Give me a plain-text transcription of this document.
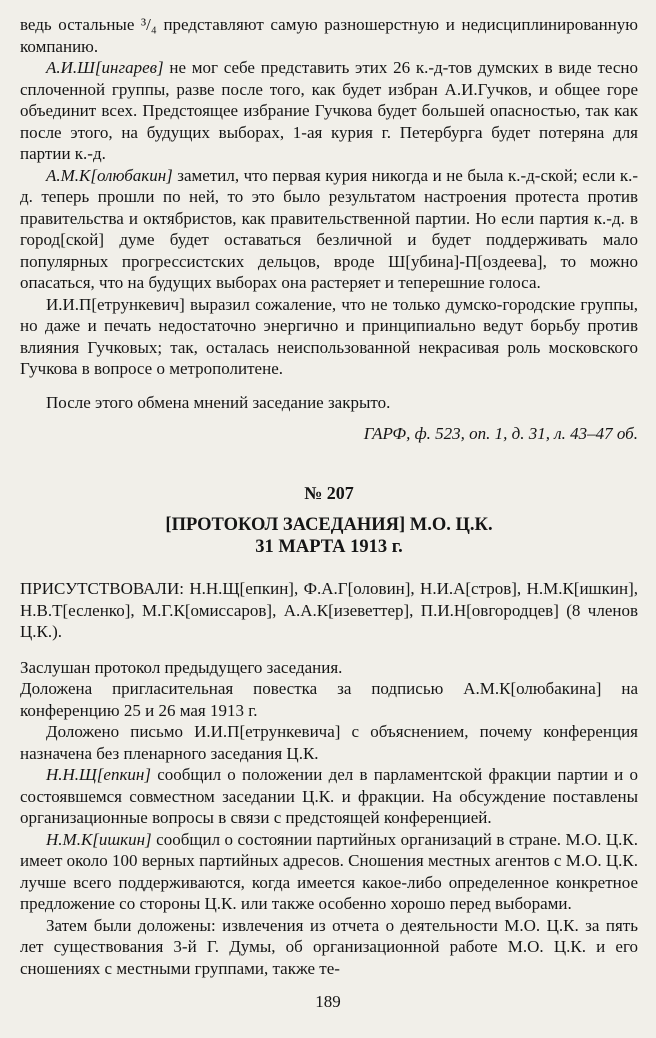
ведь остальные ³/₄ представляют самую разношерстную и недисциплинированную компанию.

А.И.Ш[ингарев] не мог себе представить этих 26 к.-д-тов думских в виде тесно сплоченной группы, разве после того, как будет избран А.И.Гучков, и общее горе объединит всех. Предстоящее избрание Гучкова будет большей опасностью, так как после этого, на будущих выборах, 1-ая курия г. Петербурга будет потеряна для партии к.-д.

А.М.К[олюбакин] заметил, что первая курия никогда и не была к.-д-ской; если к.-д. теперь прошли по ней, то это было результатом настроения протеста против правительства и октябристов, как правительственной партии. Но если партия к.-д. в город[ской] думе будет оставаться безличной и будет поддерживать мало популярных прогрессистских дельцов, вроде Ш[убина]-П[оздеева], то можно опасаться, что на будущих выборах она растеряет и теперешние голоса.

И.И.П[етрункевич] выразил сожаление, что не только думско-городские группы, но даже и печать недостаточно энергично и принципиально ведут борьбу против влияния Гучковых; так, осталась неиспользованной некрасивая роль московского Гучкова в вопросе о метрополитене.

После этого обмена мнений заседание закрыто.

ГАРФ, ф. 523, оп. 1, д. 31, л. 43–47 об.

№ 207

[ПРОТОКОЛ ЗАСЕДАНИЯ] М.О. Ц.К.

31 МАРТА 1913 г.

ПРИСУТСТВОВАЛИ: Н.Н.Щ[епкин], Ф.А.Г[оловин], Н.И.А[стров], Н.М.К[ишкин], Н.В.Т[есленко], М.Г.К[омиссаров], А.А.К[изеветтер], П.И.Н[овгородцев] (8 членов Ц.К.).

Заслушан протокол предыдущего заседания.

Доложена пригласительная повестка за подписью А.М.К[олюбакина] на конференцию 25 и 26 мая 1913 г.

Доложено письмо И.И.П[етрункевича] с объяснением, почему конференция назначена без пленарного заседания Ц.К.

Н.Н.Щ[епкин] сообщил о положении дел в парламентской фракции партии и о состоявшемся совместном заседании Ц.К. и фракции. На обсуждение поставлены организационные вопросы в связи с предстоящей конференцией.

Н.М.К[ишкин] сообщил о состоянии партийных организаций в стране. М.О. Ц.К. имеет около 100 верных партийных адресов. Сношения местных агентов с М.О. Ц.К. лучше всего поддерживаются, когда имеется какое-либо определенное конкретное предложение со стороны Ц.К. или также особенно хорошо перед выборами.

Затем были доложены: извлечения из отчета о деятельности М.О. Ц.К. за пять лет существования 3-й Г. Думы, об организационной работе М.О. Ц.К. и его сношениях с местными группами, также те-

189
